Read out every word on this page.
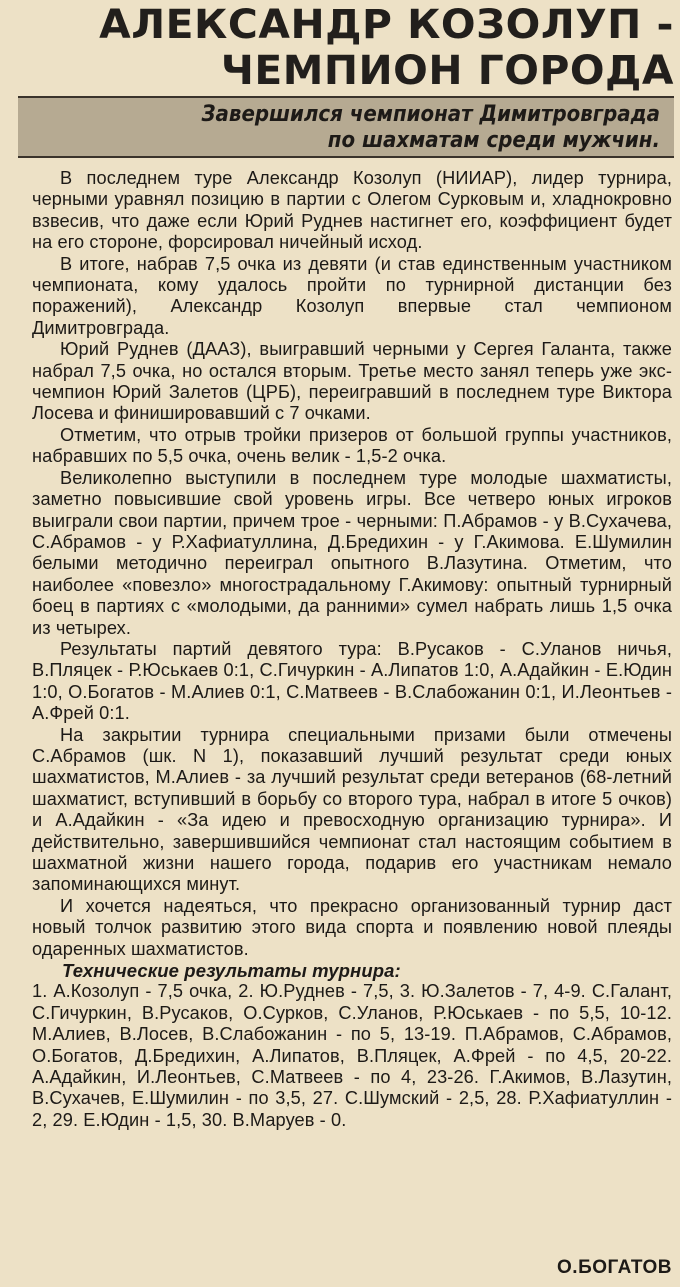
АЛЕКСАНДР КОЗОЛУП -
ЧЕМПИОН ГОРОДА
Завершился чемпионат Димитровграда
по шахматам среди мужчин.

В последнем туре Александр Козолуп (НИИАР), лидер турнира, черными уравнял позицию в партии с Олегом Сурковым и, хладнокровно взвесив, что даже если Юрий Руднев настигнет его, коэффициент будет на его стороне, форсировал ничейный исход.

В итоге, набрав 7,5 очка из девяти (и став единственным участником чемпионата, кому удалось пройти по турнирной дистанции без поражений), Александр Козолуп впервые стал чемпионом Димитровграда.

Юрий Руднев (ДААЗ), выигравший черными у Сергея Галанта, также набрал 7,5 очка, но остался вторым. Третье место занял теперь уже экс-чемпион Юрий Залетов (ЦРБ), переигравший в последнем туре Виктора Лосева и финишировавший с 7 очками.

Отметим, что отрыв тройки призеров от большой группы участников, набравших по 5,5 очка, очень велик - 1,5-2 очка.

Великолепно выступили в последнем туре молодые шахматисты, заметно повысившие свой уровень игры. Все четверо юных игроков выиграли свои партии, причем трое - черными: П.Абрамов - у В.Сухачева, С.Абрамов - у Р.Хафиатуллина, Д.Бредихин - у Г.Акимова. Е.Шумилин белыми методично переиграл опытного В.Лазутина. Отметим, что наиболее «повезло» многострадальному Г.Акимову: опытный турнирный боец в партиях с «молодыми, да ранними» сумел набрать лишь 1,5 очка из четырех.

Результаты партий девятого тура: В.Русаков - С.Уланов ничья, В.Пляцек - Р.Юськаев 0:1, С.Гичуркин - А.Липатов 1:0, А.Адайкин - Е.Юдин 1:0, О.Богатов - М.Алиев 0:1, С.Матвеев - В.Слабожанин 0:1, И.Леонтьев - А.Фрей 0:1.

На закрытии турнира специальными призами были отмечены С.Абрамов (шк. N 1), показавший лучший результат среди юных шахматистов, М.Алиев - за лучший результат среди ветеранов (68-летний шахматист, вступивший в борьбу со второго тура, набрал в итоге 5 очков) и А.Адайкин - «За идею и превосходную организацию турнира». И действительно, завершившийся чемпионат стал настоящим событием в шахматной жизни нашего города, подарив его участникам немало запоминающихся минут.

И хочется надеяться, что прекрасно организованный турнир даст новый толчок развитию этого вида спорта и появлению новой плеяды одаренных шахматистов.

Технические результаты турнира:

1. А.Козолуп - 7,5 очка, 2. Ю.Руднев - 7,5, 3. Ю.Залетов - 7, 4-9. С.Галант, С.Гичуркин, В.Русаков, О.Сурков, С.Уланов, Р.Юськаев - по 5,5, 10-12. М.Алиев, В.Лосев, В.Слабожанин - по 5, 13-19. П.Абрамов, С.Абрамов, О.Богатов, Д.Бредихин, А.Липатов, В.Пляцек, А.Фрей - по 4,5, 20-22. А.Адайкин, И.Леонтьев, С.Матвеев - по 4, 23-26. Г.Акимов, В.Лазутин, В.Сухачев, Е.Шумилин - по 3,5, 27. С.Шумский - 2,5, 28. Р.Хафиатуллин - 2, 29. Е.Юдин - 1,5, 30. В.Маруев - 0.

О.БОГАТОВ
